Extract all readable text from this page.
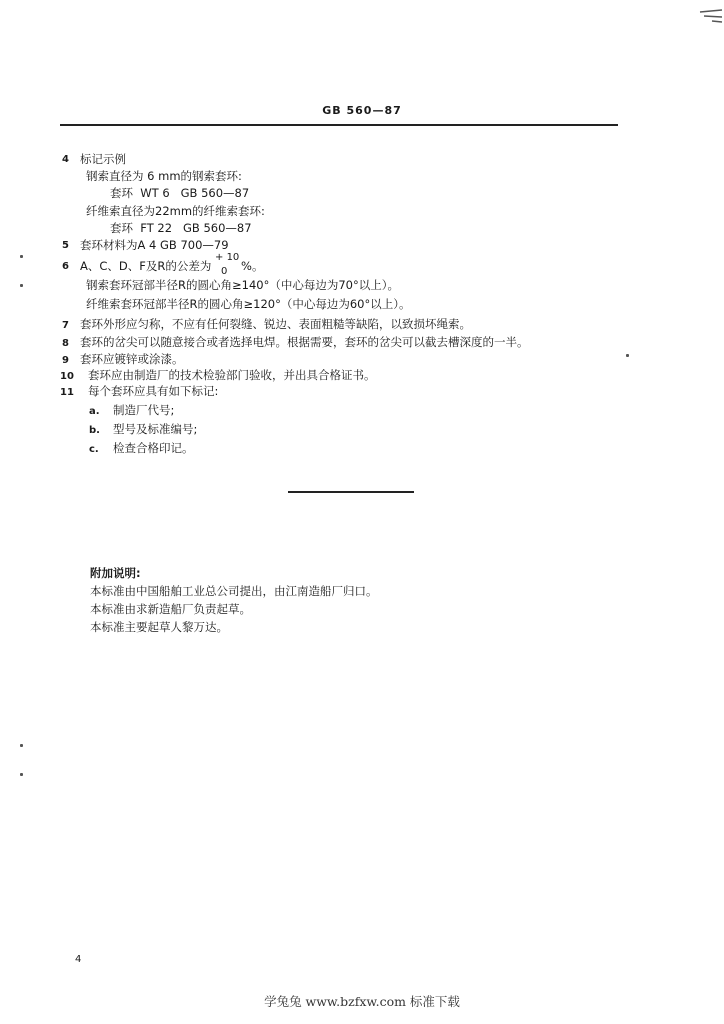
GB 560—87
4 标记示例
钢索直径为 6 mm的钢索套环:
套环  WT 6   GB 560—87
纤维索直径为22mm的纤维索套环:
套环  FT 22   GB 560—87
5 套环材料为A 4 GB 700—79
6 A、C、D、F及R的公差为
+ 10
0 %。
钢索套环冠部半径R的圆心角≥140°（中心每边为70°以上）。
纤维索套环冠部半径R的圆心角≥120°（中心每边为60°以上）。
7 套环外形应匀称，不应有任何裂缝、锐边、表面粗糙等缺陷，以致损坏绳索。
8 套环的岔尖可以随意接合或者选择电焊。根据需要，套环的岔尖可以截去槽深度的一半。
9 套环应镀锌或涂漆。
10 套环应由制造厂的技术检验部门验收，并出具合格证书。
11 每个套环应具有如下标记:
a. 制造厂代号;
b. 型号及标准编号;
c. 检查合格印记。
附加说明:
本标准由中国船舶工业总公司提出，由江南造船厂归口。
本标准由求新造船厂负责起草。
本标准主要起草人黎万达。
4
学兔兔 www.bzfxw.com 标准下载
